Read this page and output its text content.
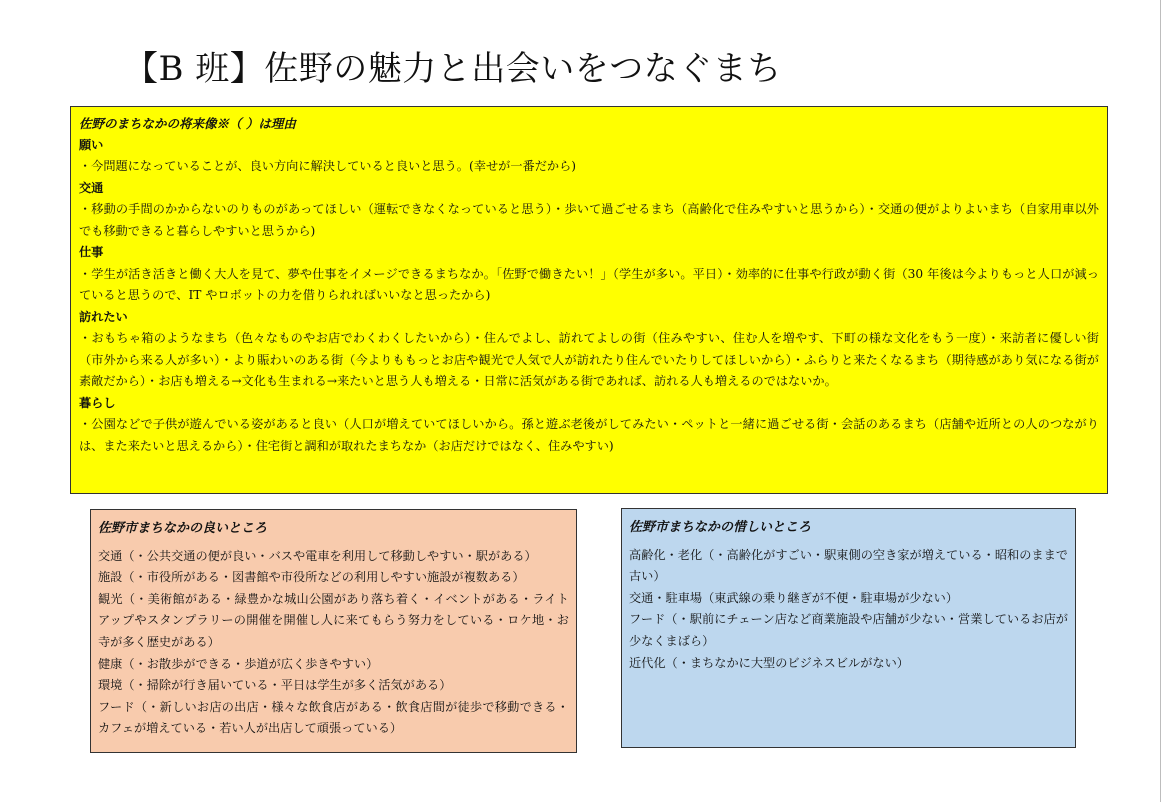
【B 班】佐野の魅力と出会いをつなぐまち
佐野のまちなかの将来像※（ ）は理由
願い
・今問題になっていることが、良い方向に解決していると良いと思う。(幸せが一番だから)
交通
・移動の手間のかからないのりものがあってほしい（運転できなくなっていると思う）・歩いて過ごせるまち（高齢化で住みやすいと思うから）・交通の便がよりよいまち（自家用車以外でも移動できると暮らしやすいと思うから)
仕事
・学生が活き活きと働く大人を見て、夢や仕事をイメージできるまちなか。｢佐野で働きたい！｣（学生が多い。平日）・効率的に仕事や行政が動く街（30 年後は今よりもっと人口が減っていると思うので、IT やロボットの力を借りられればいいなと思ったから)
訪れたい
・おもちゃ箱のようなまち（色々なものやお店でわくわくしたいから）・住んでよし、訪れてよしの街（住みやすい、住む人を増やす、下町の様な文化をもう一度）・来訪者に優しい街（市外から来る人が多い）・より賑わいのある街（今よりももっとお店や観光で人気で人が訪れたり住んでいたりしてほしいから）・ふらりと来たくなるまち（期待感があり気になる街が素敵だから）・お店も増える→文化も生まれる→来たいと思う人も増える・日常に活気がある街であれば、訪れる人も増えるのではないか。
暮らし
・公園などで子供が遊んでいる姿があると良い（人口が増えていてほしいから。孫と遊ぶ老後がしてみたい・ペットと一緒に過ごせる街・会話のあるまち（店舗や近所との人のつながりは、また来たいと思えるから）・住宅街と調和が取れたまちなか（お店だけではなく、住みやすい)
佐野市まちなかの良いところ
交通（・公共交通の便が良い・バスや電車を利用して移動しやすい・駅がある）
施設（・市役所がある・図書館や市役所などの利用しやすい施設が複数ある）
観光（・美術館がある・緑豊かな城山公園があり落ち着く・イベントがある・ライトアップやスタンプラリーの開催を開催し人に来てもらう努力をしている・ロケ地・お寺が多く歴史がある）
健康（・お散歩ができる・歩道が広く歩きやすい）
環境（・掃除が行き届いている・平日は学生が多く活気がある）
フード（・新しいお店の出店・様々な飲食店がある・飲食店間が徒歩で移動できる・カフェが増えている・若い人が出店して頑張っている）
佐野市まちなかの惜しいところ
高齢化・老化（・高齢化がすごい・駅東側の空き家が増えている・昭和のままで古い）
交通・駐車場（東武線の乗り継ぎが不便・駐車場が少ない）
フード（・駅前にチェーン店など商業施設や店舗が少ない・営業しているお店が少なくまばら）
近代化（・まちなかに大型のビジネスビルがない）
